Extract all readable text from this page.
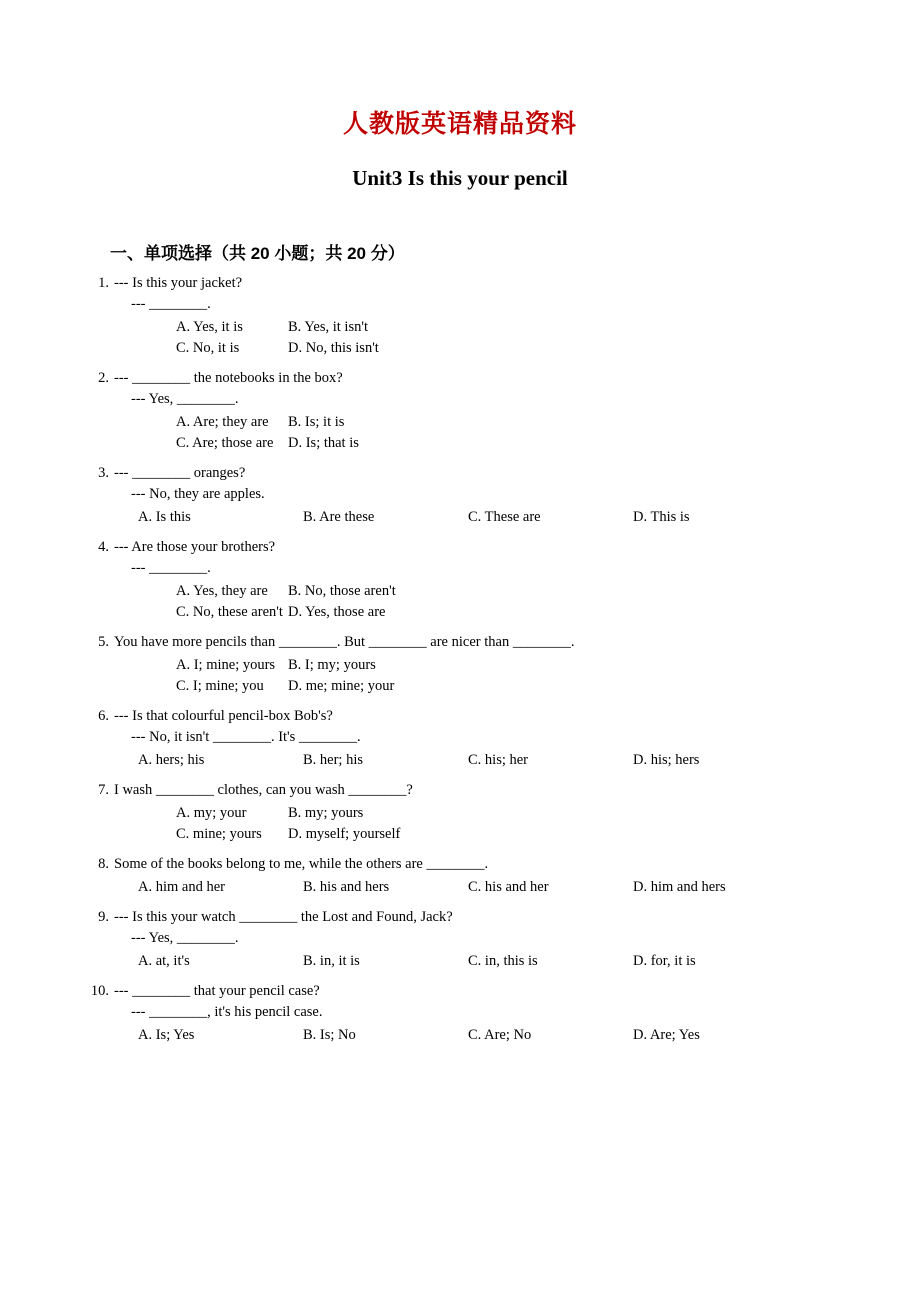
人教版英语精品资料
Unit3 Is this your pencil
一、单项选择（共 20 小题；共 20 分）
1. --- Is this your jacket?
--- ________.
A. Yes, it is	B. Yes, it isn't
C. No, it is	D. No, this isn't
2. --- ________ the notebooks in the box?
--- Yes, ________.
A. Are; they are	B. Is; it is
C. Are; those are	D. Is; that is
3. --- ________ oranges?
--- No, they are apples.
A. Is this	B. Are these	C. These are	D. This is
4. --- Are those your brothers?
--- ________.
A. Yes, they are	B. No, those aren't
C. No, these aren't D. Yes, those are
5. You have more pencils than ________. But ________ are nicer than ________.
A. I; mine; yours B. I; my; yours
C. I; mine; you	D. me; mine; your
6. --- Is that colourful pencil-box Bob's?
--- No, it isn't ________. It's ________.
A. hers; his	B. her; his	C. his; her	D. his; hers
7. I wash ________ clothes, can you wash ________?
A. my; your	B. my; yours
C. mine; yours	D. myself; yourself
8. Some of the books belong to me, while the others are ________.
A. him and her	B. his and hers	C. his and her	D. him and hers
9. --- Is this your watch ________ the Lost and Found, Jack?
--- Yes, ________.
A. at, it's	B. in, it is	C. in, this is	D. for, it is
10. --- ________ that your pencil case?
--- ________, it's his pencil case.
A. Is; Yes	B. Is; No	C. Are; No	D. Are; Yes
